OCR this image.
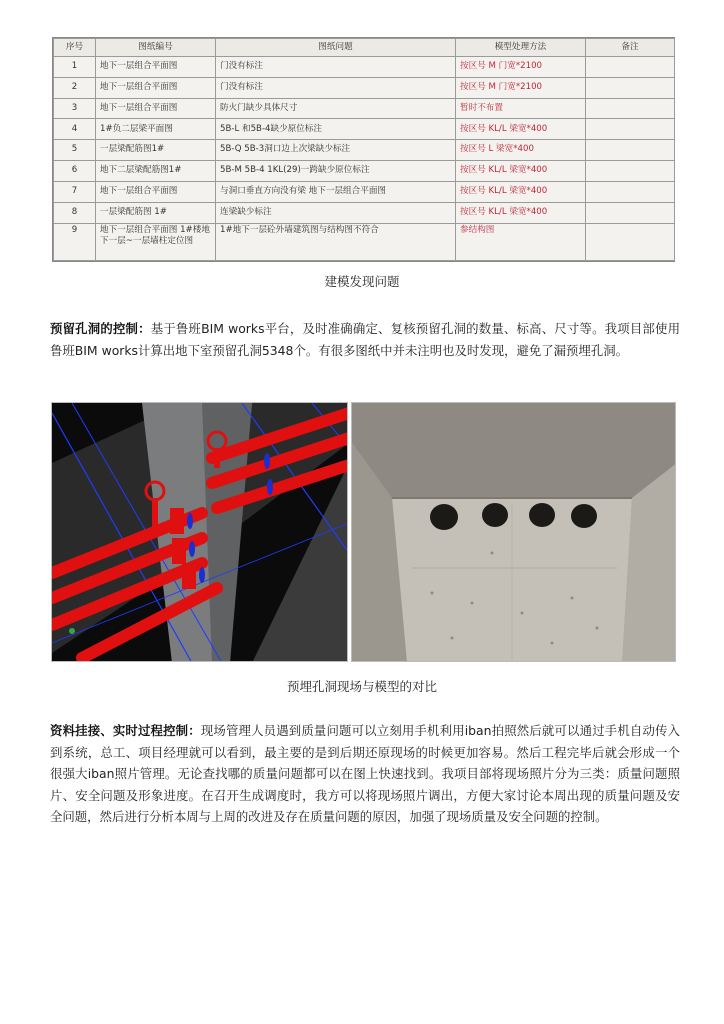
序号	图纸编号	图纸问题	模型处理方法	备注
1	地下一层组合平面图	门没有标注	按区号 M 门宽*2100	
2	地下一层组合平面图	门没有标注	按区号 M 门宽*2100	
3	地下一层组合平面图	防火门缺少具体尺寸	暂时不布置	
4	1#负二层梁平面图	5B-L 和5B-4缺少原位标注	按区号 KL/L 梁宽*400	
5	一层梁配筋图1#	5B-Q 5B-3洞口边上次梁缺少标注	按区号 L 梁宽*400	
6	地下二层梁配筋图1#	5B-M 5B-4 1KL(29)一跨缺少原位标注	按区号 KL/L 梁宽*400	
7	地下一层组合平面图	与洞口垂直方向没有梁 地下一层组合平面图	按区号 KL/L 梁宽*400	
8	一层梁配筋图 1#	连梁缺少标注	按区号 KL/L 梁宽*400	
9	地下一层组合平面图 1#楼地下一层~一层墙柱定位图	1#地下一层砼外墙建筑图与结构图不符合	参结构图	
建模发现问题

预留孔洞的控制：基于鲁班BIM works平台，及时准确确定、复核预留孔洞的数量、标高、尺寸等。我项目部使用鲁班BIM works计算出地下室预留孔洞5348个。有很多图纸中并未注明也及时发现，避免了漏预埋孔洞。

预埋孔洞现场与模型的对比

资料挂接、实时过程控制：现场管理人员遇到质量问题可以立刻用手机利用iban拍照然后就可以通过手机自动传入到系统，总工、项目经理就可以看到，最主要的是到后期还原现场的时候更加容易。然后工程完毕后就会形成一个很强大iban照片管理。无论查找哪的质量问题都可以在图上快速找到。我项目部将现场照片分为三类：质量问题照片、安全问题及形象进度。在召开生成调度时，我方可以将现场照片调出，方便大家讨论本周出现的质量问题及安全问题，然后进行分析本周与上周的改进及存在质量问题的原因，加强了现场质量及安全问题的控制。
